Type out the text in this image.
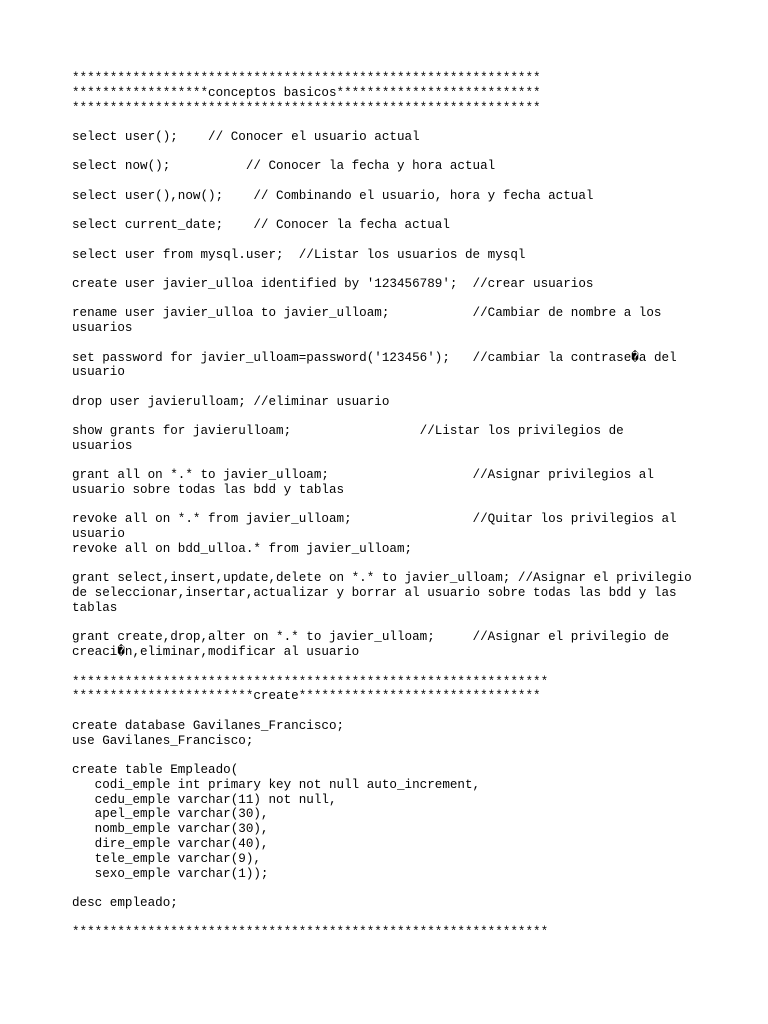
**************************************************************
******************conceptos basicos***************************
**************************************************************
select user();    // Conocer el usuario actual
select now();          // Conocer la fecha y hora actual
select user(),now();    // Combinando el usuario, hora y fecha actual
select current_date;    // Conocer la fecha actual
select user from mysql.user;  //Listar los usuarios de mysql
create user javier_ulloa identified by '123456789';  //crear usuarios
rename user javier_ulloa to javier_ulloam;           //Cambiar de nombre a los
usuarios
set password for javier_ulloam=password('123456');   //cambiar la contrase�a del
usuario
drop user javierulloam; //eliminar usuario
show grants for javierulloam;                 //Listar los privilegios de
usuarios
grant all on *.* to javier_ulloam;                   //Asignar privilegios al
usuario sobre todas las bdd y tablas
revoke all on *.* from javier_ulloam;                //Quitar los privilegios al
usuario
revoke all on bdd_ulloa.* from javier_ulloam;
grant select,insert,update,delete on *.* to javier_ulloam; //Asignar el privilegio
de seleccionar,insertar,actualizar y borrar al usuario sobre todas las bdd y las
tablas
grant create,drop,alter on *.* to javier_ulloam;     //Asignar el privilegio de
creaci�n,eliminar,modificar al usuario
***************************************************************
************************create********************************
create database Gavilanes_Francisco;
use Gavilanes_Francisco;
create table Empleado(
codi_emple int primary key not null auto_increment,
cedu_emple varchar(11) not null,
apel_emple varchar(30),
nomb_emple varchar(30),
dire_emple varchar(40),
tele_emple varchar(9),
sexo_emple varchar(1));
desc empleado;
***************************************************************
